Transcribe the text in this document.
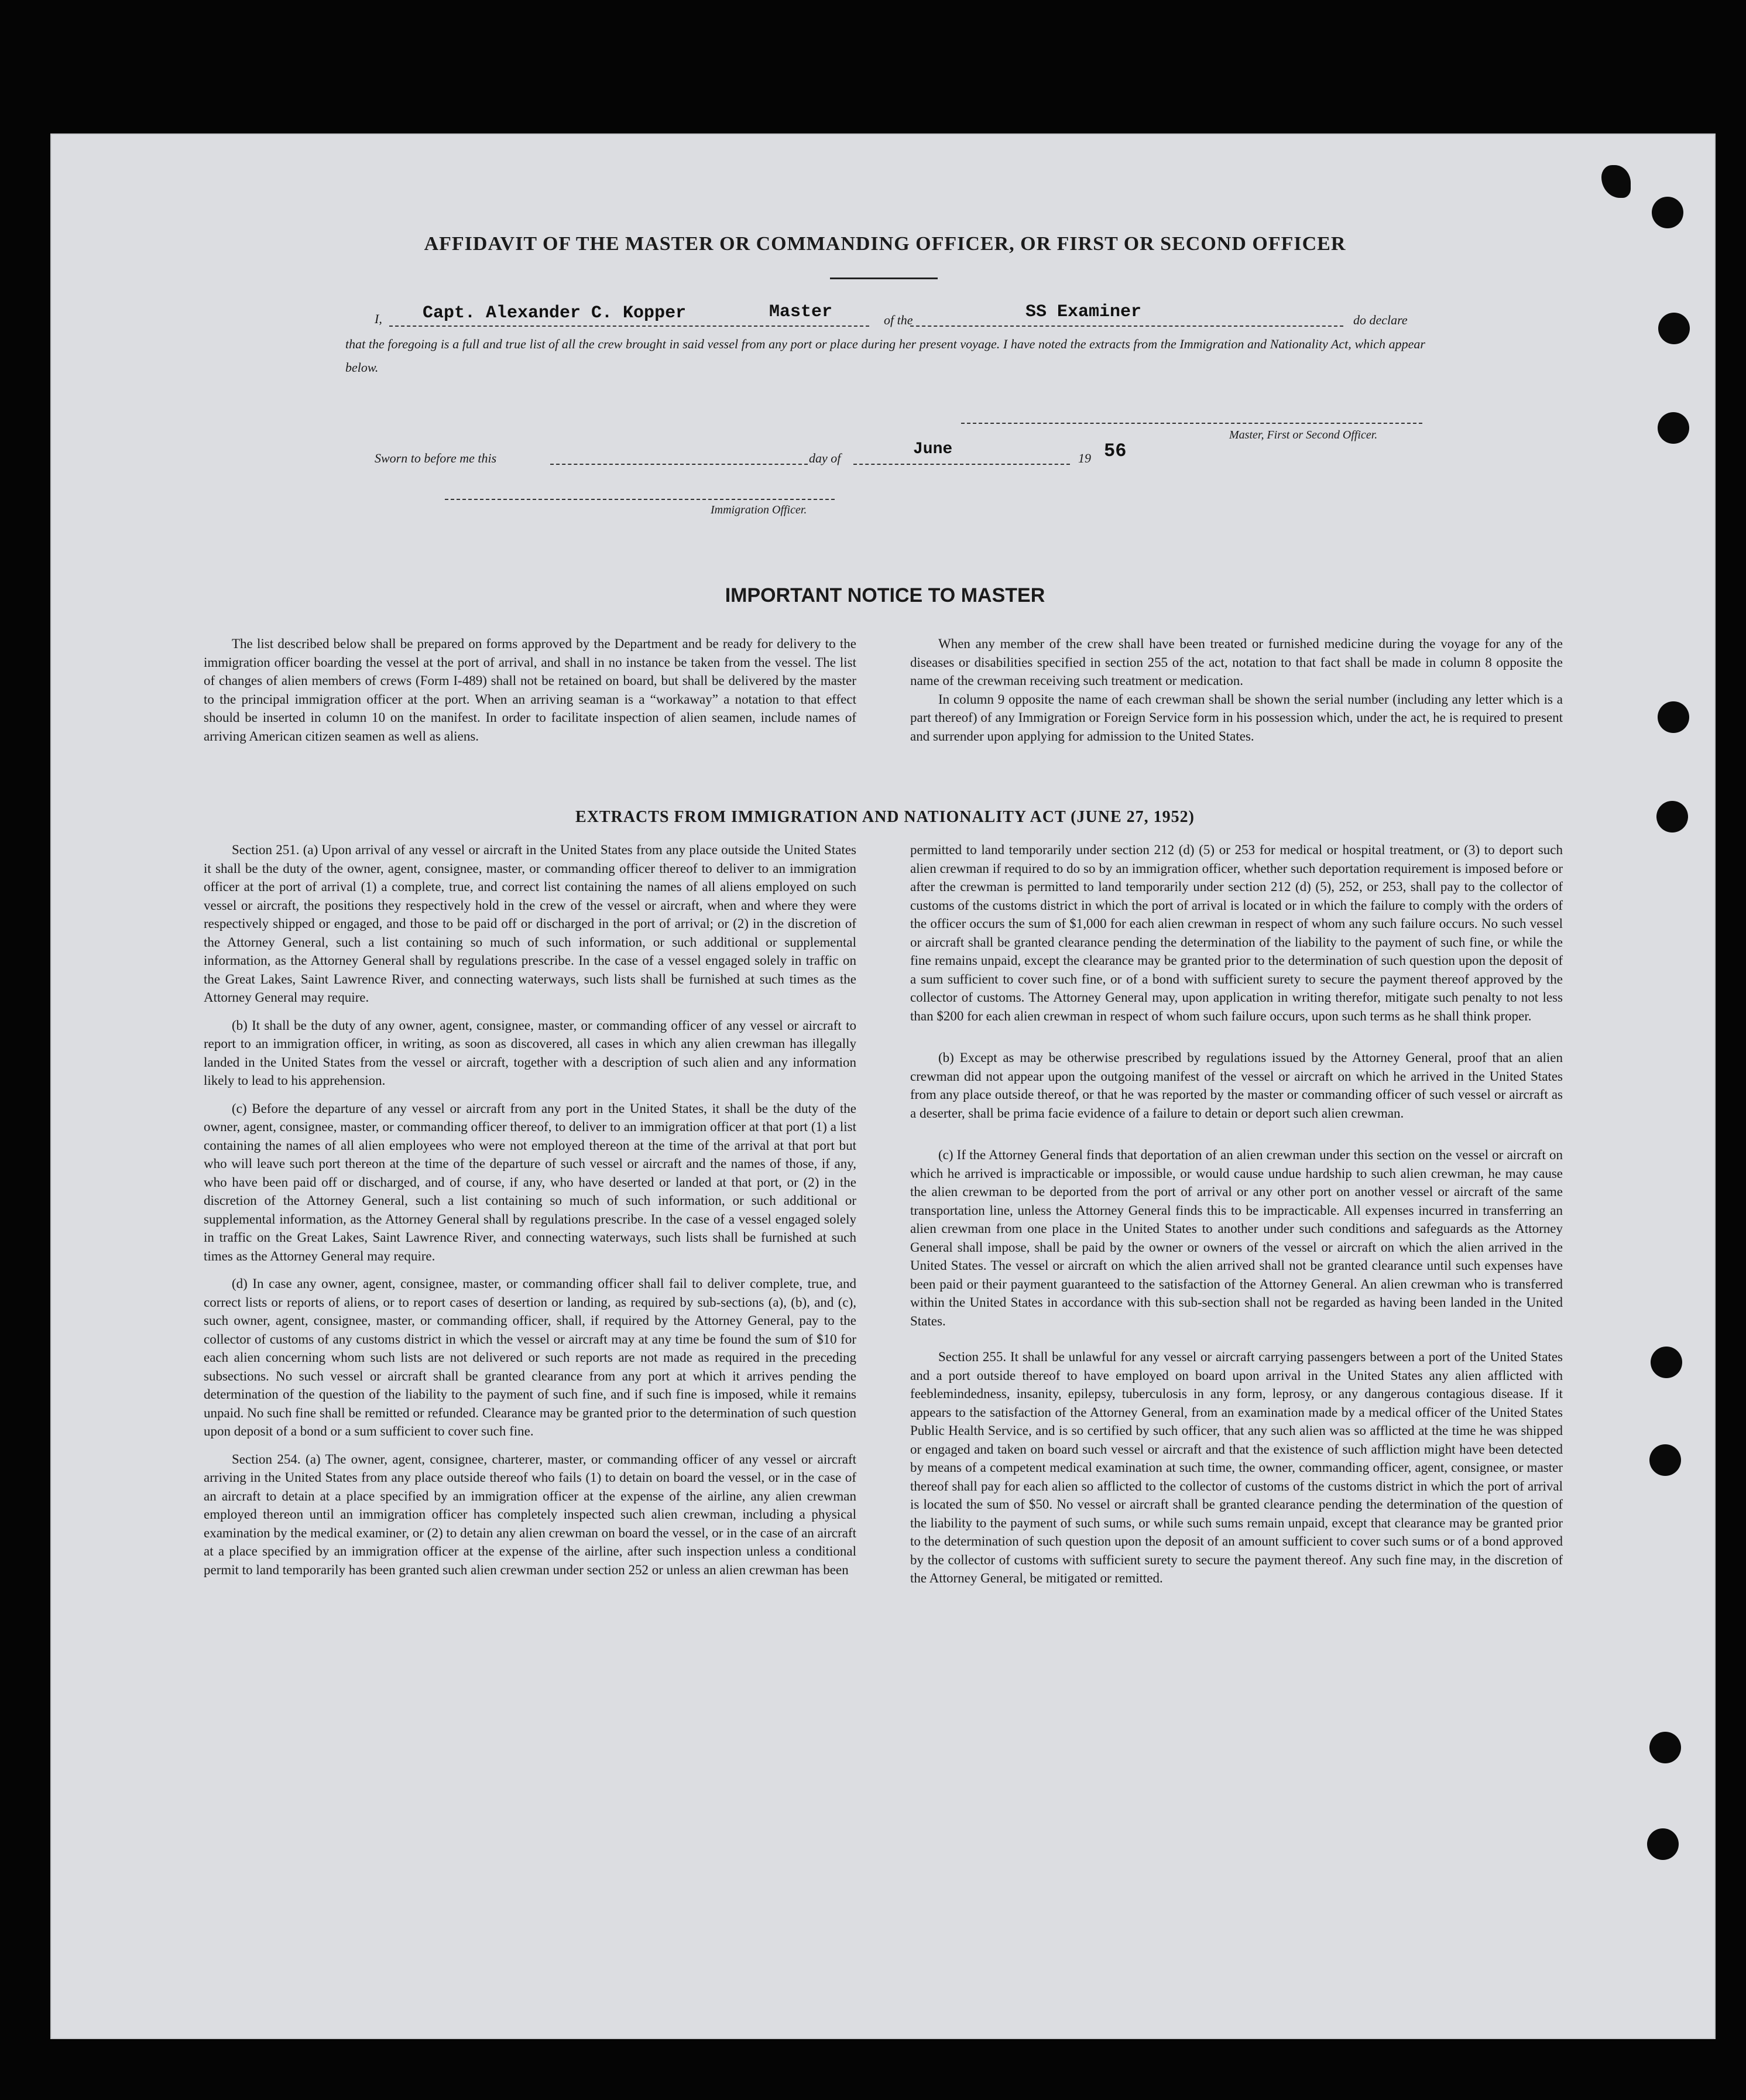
AFFIDAVIT OF THE MASTER OR COMMANDING OFFICER, OR FIRST OR SECOND OFFICER
I, Capt. Alexander C. Kopper	Master	of the	SS Examiner	do declare
that the foregoing is a full and true list of all the crew brought in said vessel from any port or place during her present voyage. I have noted the extracts from the Immigration and Nationality Act, which appear below.
Master, First or Second Officer.
Sworn to before me this	day of	June	19 56
Immigration Officer.
IMPORTANT NOTICE TO MASTER

The list described below shall be prepared on forms approved by the Department and be ready for delivery to the immigration officer boarding the vessel at the port of arrival, and shall in no instance be taken from the vessel. The list of changes of alien members of crews (Form I-489) shall not be retained on board, but shall be delivered by the master to the principal immigration officer at the port. When an arriving seaman is a “workaway” a notation to that effect should be inserted in column 10 on the manifest. In order to facilitate inspection of alien seamen, include names of arriving American citizen seamen as well as aliens.

When any member of the crew shall have been treated or furnished medicine during the voyage for any of the diseases or disabilities specified in section 255 of the act, notation to that fact shall be made in column 8 opposite the name of the crewman receiving such treatment or medication.

In column 9 opposite the name of each crewman shall be shown the serial number (including any letter which is a part thereof) of any Immigration or Foreign Service form in his possession which, under the act, he is required to present and surrender upon applying for admission to the United States.

EXTRACTS FROM IMMIGRATION AND NATIONALITY ACT (JUNE 27, 1952)

Section 251. (a) Upon arrival of any vessel or aircraft in the United States from any place outside the United States it shall be the duty of the owner, agent, consignee, master, or commanding officer thereof to deliver to an immigration officer at the port of arrival (1) a complete, true, and correct list containing the names of all aliens employed on such vessel or aircraft, the positions they respectively hold in the crew of the vessel or aircraft, when and where they were respectively shipped or engaged, and those to be paid off or discharged in the port of arrival; or (2) in the discretion of the Attorney General, such a list containing so much of such information, or such additional or supplemental information, as the Attorney General shall by regulations prescribe. In the case of a vessel engaged solely in traffic on the Great Lakes, Saint Lawrence River, and connecting waterways, such lists shall be furnished at such times as the Attorney General may require.

(b) It shall be the duty of any owner, agent, consignee, master, or commanding officer of any vessel or aircraft to report to an immigration officer, in writing, as soon as discovered, all cases in which any alien crewman has illegally landed in the United States from the vessel or aircraft, together with a description of such alien and any information likely to lead to his apprehension.

(c) Before the departure of any vessel or aircraft from any port in the United States, it shall be the duty of the owner, agent, consignee, master, or commanding officer thereof, to deliver to an immigration officer at that port (1) a list containing the names of all alien employees who were not employed thereon at the time of the arrival at that port but who will leave such port thereon at the time of the departure of such vessel or aircraft and the names of those, if any, who have been paid off or discharged, and of course, if any, who have deserted or landed at that port, or (2) in the discretion of the Attorney General, such a list containing so much of such information, or such additional or supplemental information, as the Attorney General shall by regulations prescribe. In the case of a vessel engaged solely in traffic on the Great Lakes, Saint Lawrence River, and connecting waterways, such lists shall be furnished at such times as the Attorney General may require.

(d) In case any owner, agent, consignee, master, or commanding officer shall fail to deliver complete, true, and correct lists or reports of aliens, or to report cases of desertion or landing, as required by sub-sections (a), (b), and (c), such owner, agent, consignee, master, or commanding officer, shall, if required by the Attorney General, pay to the collector of customs of any customs district in which the vessel or aircraft may at any time be found the sum of $10 for each alien concerning whom such lists are not delivered or such reports are not made as required in the preceding subsections. No such vessel or aircraft shall be granted clearance from any port at which it arrives pending the determination of the question of the liability to the payment of such fine, and if such fine is imposed, while it remains unpaid. No such fine shall be remitted or refunded. Clearance may be granted prior to the determination of such question upon deposit of a bond or a sum sufficient to cover such fine.

Section 254. (a) The owner, agent, consignee, charterer, master, or commanding officer of any vessel or aircraft arriving in the United States from any place outside thereof who fails (1) to detain on board the vessel, or in the case of an aircraft to detain at a place specified by an immigration officer at the expense of the airline, any alien crewman employed thereon until an immigration officer has completely inspected such alien crewman, including a physical examination by the medical examiner, or (2) to detain any alien crewman on board the vessel, or in the case of an aircraft at a place specified by an immigration officer at the expense of the airline, after such inspection unless a conditional permit to land temporarily has been granted such alien crewman under section 252 or unless an alien crewman has been

permitted to land temporarily under section 212 (d) (5) or 253 for medical or hospital treatment, or (3) to deport such alien crewman if required to do so by an immigration officer, whether such deportation requirement is imposed before or after the crewman is permitted to land temporarily under section 212 (d) (5), 252, or 253, shall pay to the collector of customs of the customs district in which the port of arrival is located or in which the failure to comply with the orders of the officer occurs the sum of $1,000 for each alien crewman in respect of whom any such failure occurs. No such vessel or aircraft shall be granted clearance pending the determination of the liability to the payment of such fine, or while the fine remains unpaid, except the clearance may be granted prior to the determination of such question upon the deposit of a sum sufficient to cover such fine, or of a bond with sufficient surety to secure the payment thereof approved by the collector of customs. The Attorney General may, upon application in writing therefor, mitigate such penalty to not less than $200 for each alien crewman in respect of whom such failure occurs, upon such terms as he shall think proper.

(b) Except as may be otherwise prescribed by regulations issued by the Attorney General, proof that an alien crewman did not appear upon the outgoing manifest of the vessel or aircraft on which he arrived in the United States from any place outside thereof, or that he was reported by the master or commanding officer of such vessel or aircraft as a deserter, shall be prima facie evidence of a failure to detain or deport such alien crewman.

(c) If the Attorney General finds that deportation of an alien crewman under this section on the vessel or aircraft on which he arrived is impracticable or impossible, or would cause undue hardship to such alien crewman, he may cause the alien crewman to be deported from the port of arrival or any other port on another vessel or aircraft of the same transportation line, unless the Attorney General finds this to be impracticable. All expenses incurred in transferring an alien crewman from one place in the United States to another under such conditions and safeguards as the Attorney General shall impose, shall be paid by the owner or owners of the vessel or aircraft on which the alien arrived in the United States. The vessel or aircraft on which the alien arrived shall not be granted clearance until such expenses have been paid or their payment guaranteed to the satisfaction of the Attorney General. An alien crewman who is transferred within the United States in accordance with this sub-section shall not be regarded as having been landed in the United States.

Section 255. It shall be unlawful for any vessel or aircraft carrying passengers between a port of the United States and a port outside thereof to have employed on board upon arrival in the United States any alien afflicted with feeblemindedness, insanity, epilepsy, tuberculosis in any form, leprosy, or any dangerous contagious disease. If it appears to the satisfaction of the Attorney General, from an examination made by a medical officer of the United States Public Health Service, and is so certified by such officer, that any such alien was so afflicted at the time he was shipped or engaged and taken on board such vessel or aircraft and that the existence of such affliction might have been detected by means of a competent medical examination at such time, the owner, commanding officer, agent, consignee, or master thereof shall pay for each alien so afflicted to the collector of customs of the customs district in which the port of arrival is located the sum of $50. No vessel or aircraft shall be granted clearance pending the determination of the question of the liability to the payment of such sums, or while such sums remain unpaid, except that clearance may be granted prior to the determination of such question upon the deposit of an amount sufficient to cover such sums or of a bond approved by the collector of customs with sufficient surety to secure the payment thereof. Any such fine may, in the discretion of the Attorney General, be mitigated or remitted.
